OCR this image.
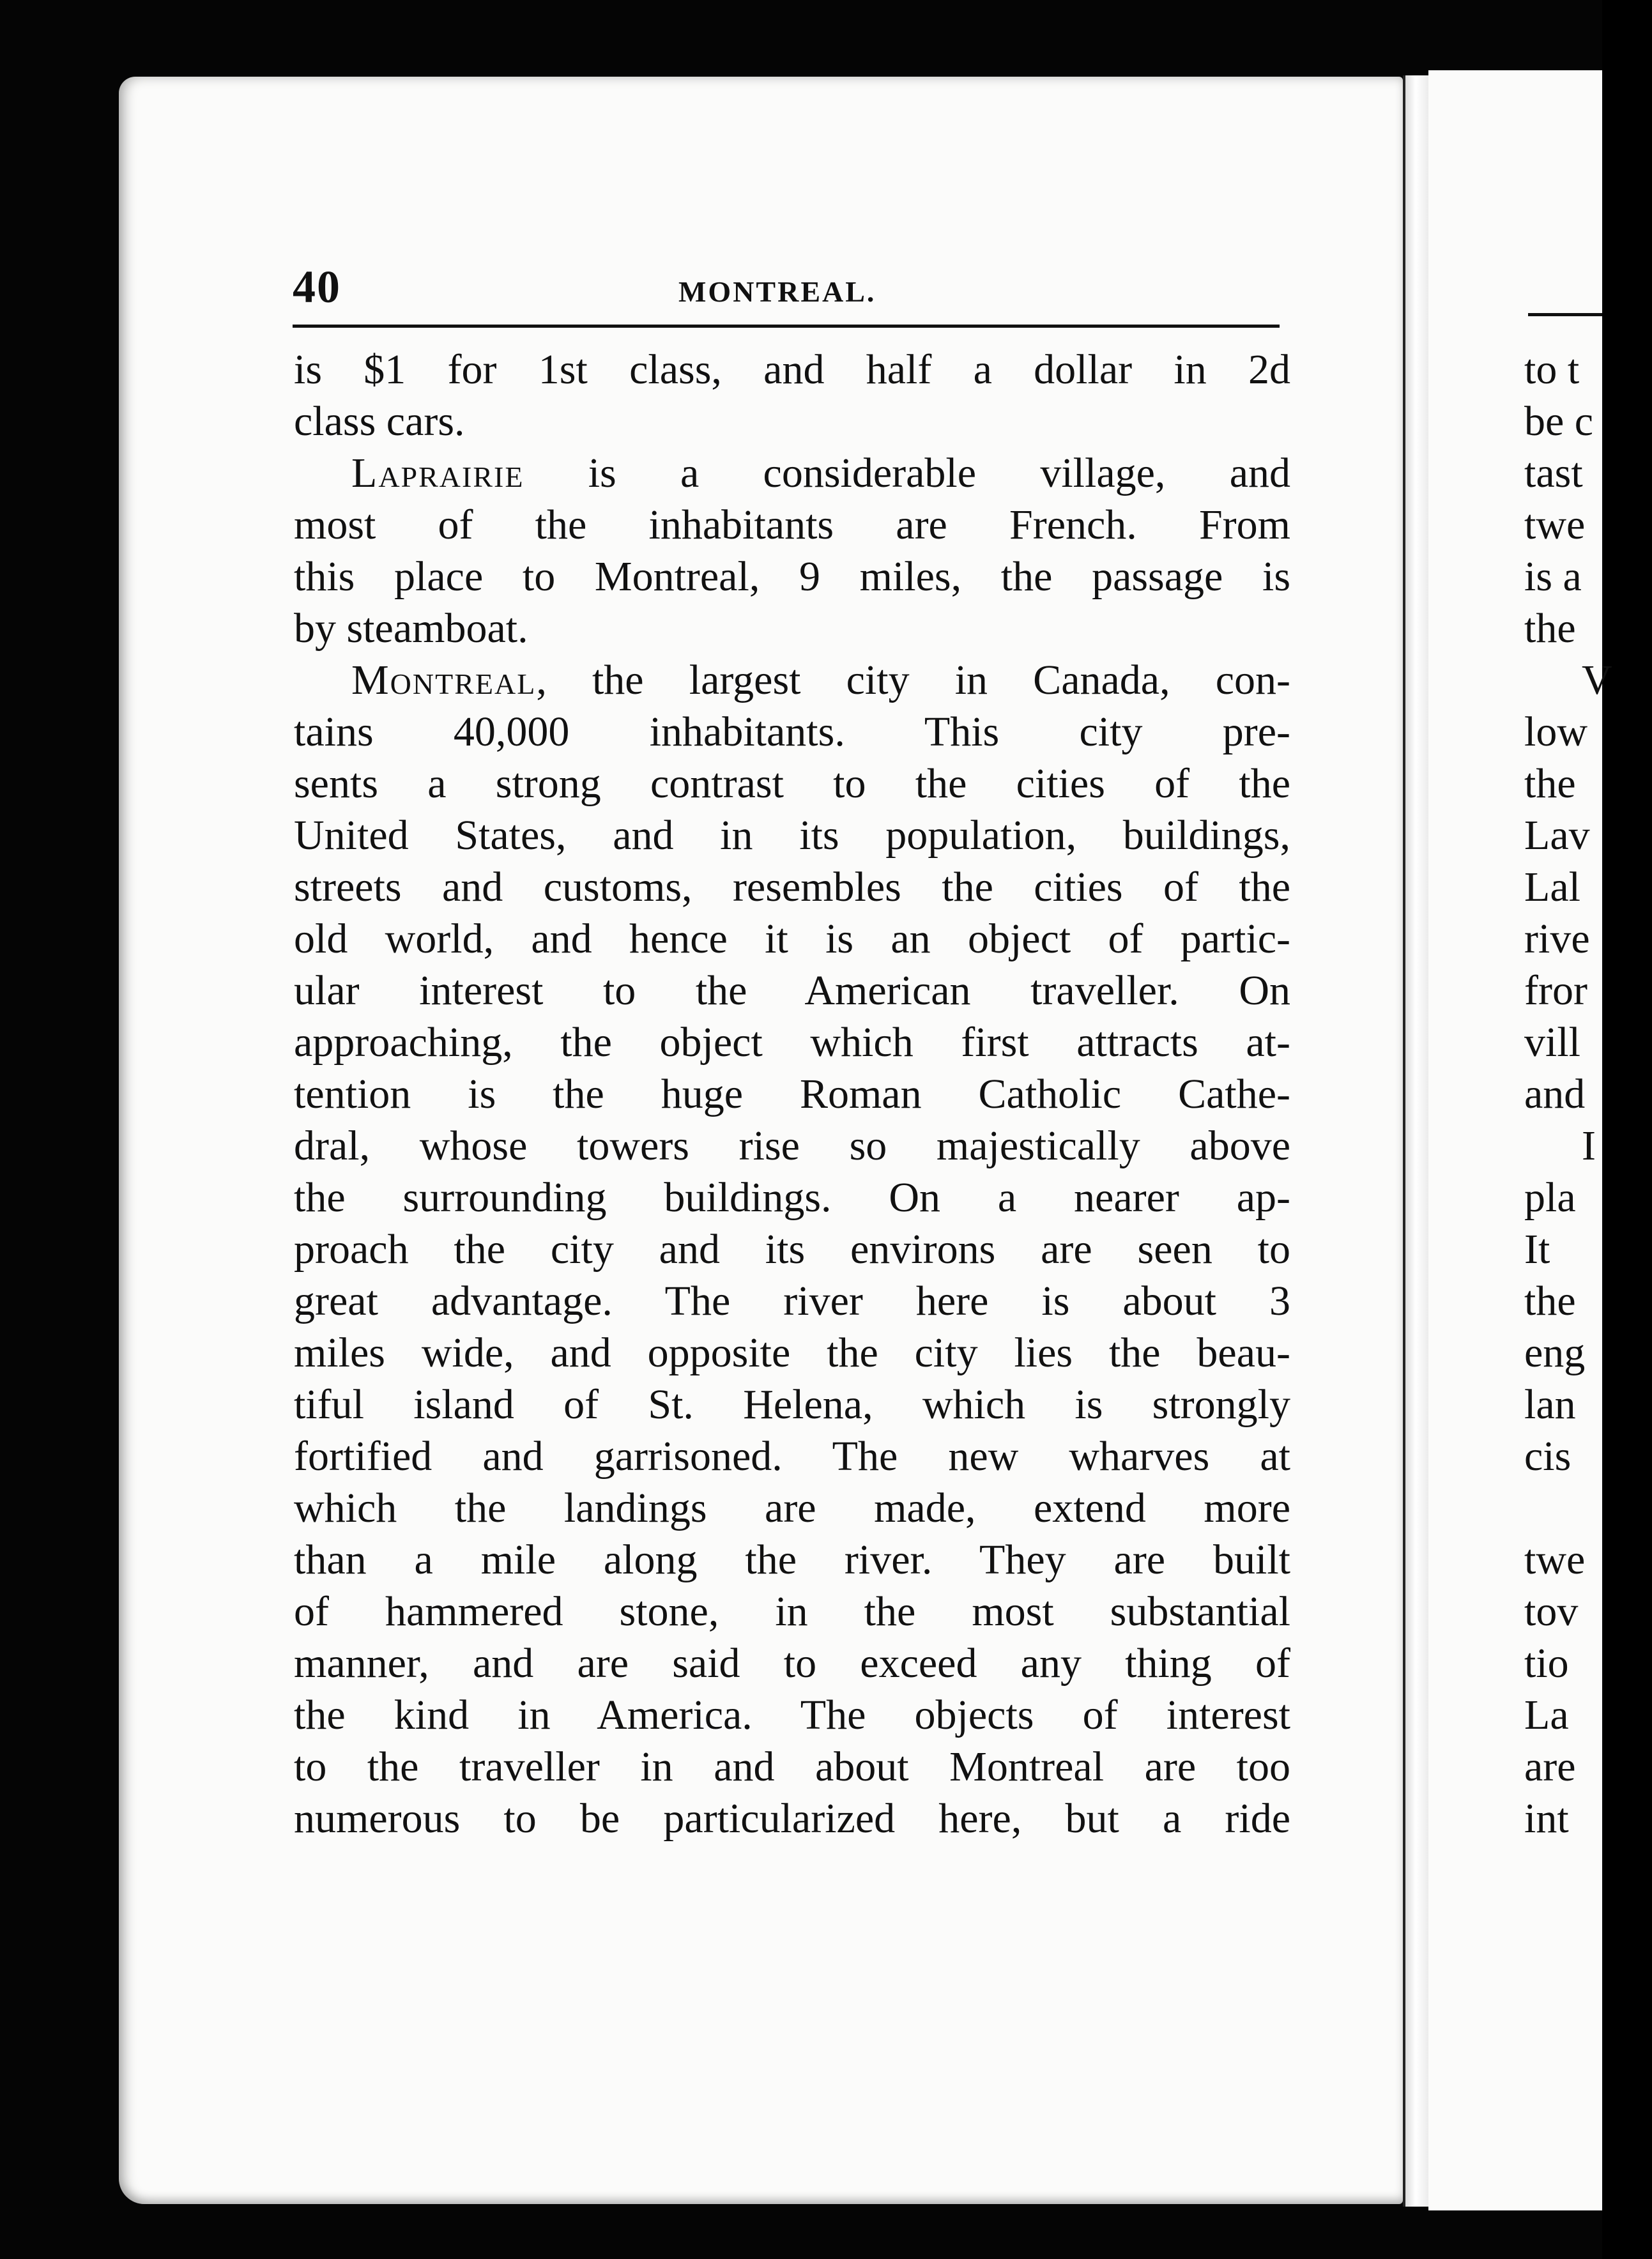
40	MONTREAL.
is $1 for 1st class, and half a dollar in 2d
class cars.
Laprairie is a considerable village, and
most of the inhabitants are French. From
this place to Montreal, 9 miles, the passage is
by steamboat.
Montreal, the largest city in Canada, con-
tains 40,000 inhabitants. This city pre-
sents a strong contrast to the cities of the
United States, and in its population, buildings,
streets and customs, resembles the cities of the
old world, and hence it is an object of partic-
ular interest to the American traveller. On
approaching, the object which first attracts at-
tention is the huge Roman Catholic Cathe-
dral, whose towers rise so majestically above
the surrounding buildings. On a nearer ap-
proach the city and its environs are seen to
great advantage. The river here is about 3
miles wide, and opposite the city lies the beau-
tiful island of St. Helena, which is strongly
fortified and garrisoned. The new wharves at
which the landings are made, extend more
than a mile along the river. They are built
of hammered stone, in the most substantial
manner, and are said to exceed any thing of
the kind in America. The objects of interest
to the traveller in and about Montreal are too
numerous to be particularized here, but a ride
to t
be c
tast
twe
is a
the
V
low
the
Lav
Lal
rive
fror
vill
and
I
pla
It
the
eng
lan
cis
twe
tov
tio
La
are
int
